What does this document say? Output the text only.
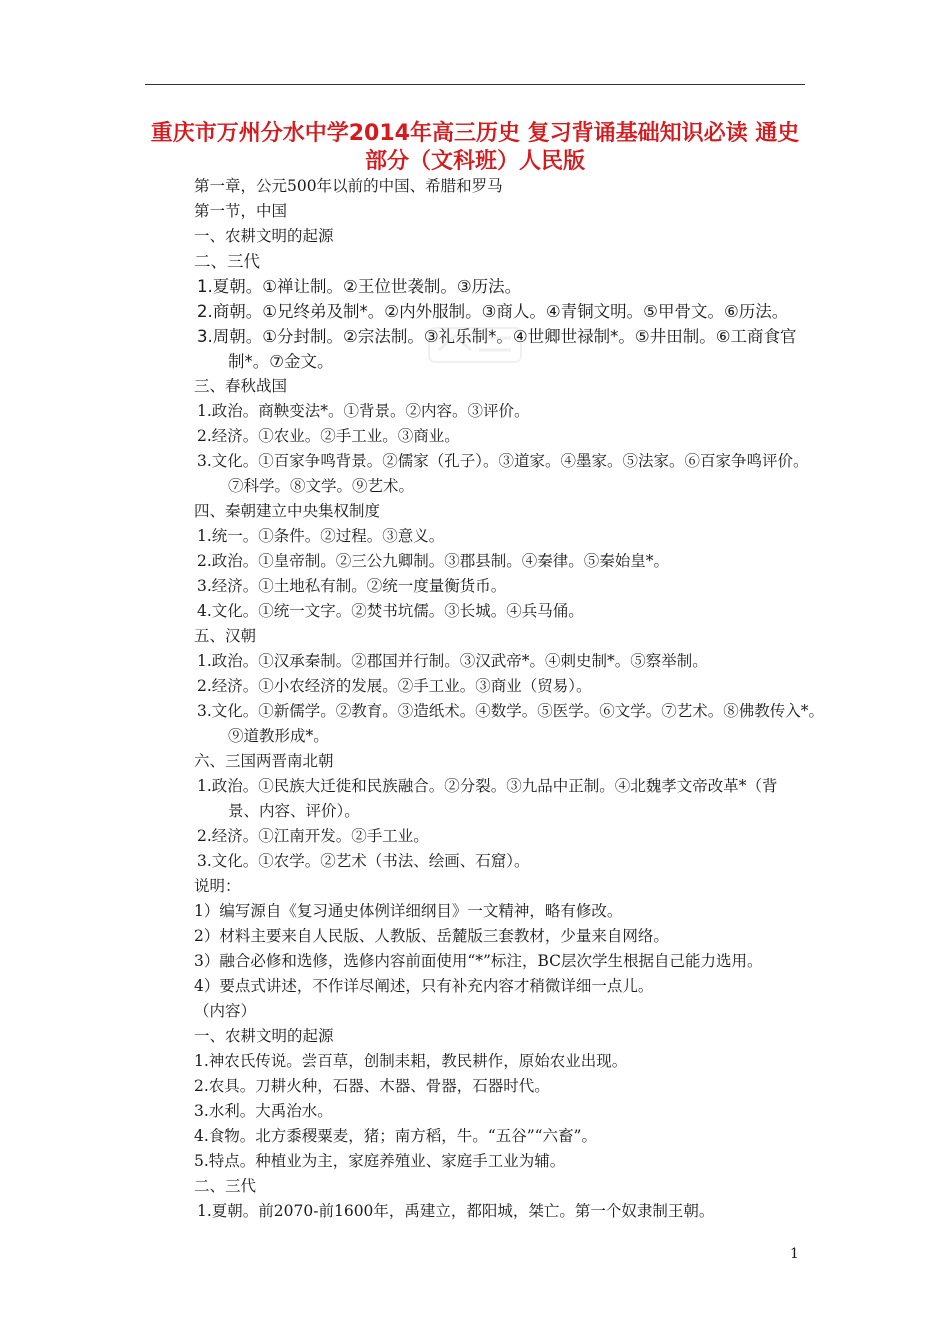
重庆市万州分水中学2014年高三历史 复习背诵基础知识必读 通史
部分（文科班）人民版
第一章，公元500年以前的中国、希腊和罗马
第一节，中国
一、农耕文明的起源
二、三代
1.夏朝。①禅让制。②王位世袭制。③历法。
2.商朝。①兄终弟及制*。②内外服制。③商人。④青铜文明。⑤甲骨文。⑥历法。
3.周朝。①分封制。②宗法制。③礼乐制*。④世卿世禄制*。⑤井田制。⑥工商食官
制*。⑦金文。
三、春秋战国
1.政治。商鞅变法*。①背景。②内容。③评价。
2.经济。①农业。②手工业。③商业。
3.文化。①百家争鸣背景。②儒家（孔子）。③道家。④墨家。⑤法家。⑥百家争鸣评价。
⑦科学。⑧文学。⑨艺术。
四、秦朝建立中央集权制度
1.统一。①条件。②过程。③意义。
2.政治。①皇帝制。②三公九卿制。③郡县制。④秦律。⑤秦始皇*。
3.经济。①土地私有制。②统一度量衡货币。
4.文化。①统一文字。②焚书坑儒。③长城。④兵马俑。
五、汉朝
1.政治。①汉承秦制。②郡国并行制。③汉武帝*。④刺史制*。⑤察举制。
2.经济。①小农经济的发展。②手工业。③商业（贸易）。
3.文化。①新儒学。②教育。③造纸术。④数学。⑤医学。⑥文学。⑦艺术。⑧佛教传入*。
⑨道教形成*。
六、三国两晋南北朝
1.政治。①民族大迁徙和民族融合。②分裂。③九品中正制。④北魏孝文帝改革*（背
景、内容、评价）。
2.经济。①江南开发。②手工业。
3.文化。①农学。②艺术（书法、绘画、石窟）。
说明：
1）编写源自《复习通史体例详细纲目》一文精神，略有修改。
2）材料主要来自人民版、人教版、岳麓版三套教材，少量来自网络。
3）融合必修和选修，选修内容前面使用“*”标注，BC层次学生根据自己能力选用。
4）要点式讲述，不作详尽阐述，只有补充内容才稍微详细一点儿。
（内容）
一、农耕文明的起源
1.神农氏传说。尝百草，创制耒耜，教民耕作，原始农业出现。
2.农具。刀耕火种，石器、木器、骨器，石器时代。
3.水利。大禹治水。
4.食物。北方黍稷粟麦，猪；南方稻，牛。“五谷”“六畜”。
5.特点。种植业为主，家庭养殖业、家庭手工业为辅。
二、三代
1.夏朝。前2070-前1600年，禹建立，都阳城，桀亡。第一个奴隶制王朝。
1
